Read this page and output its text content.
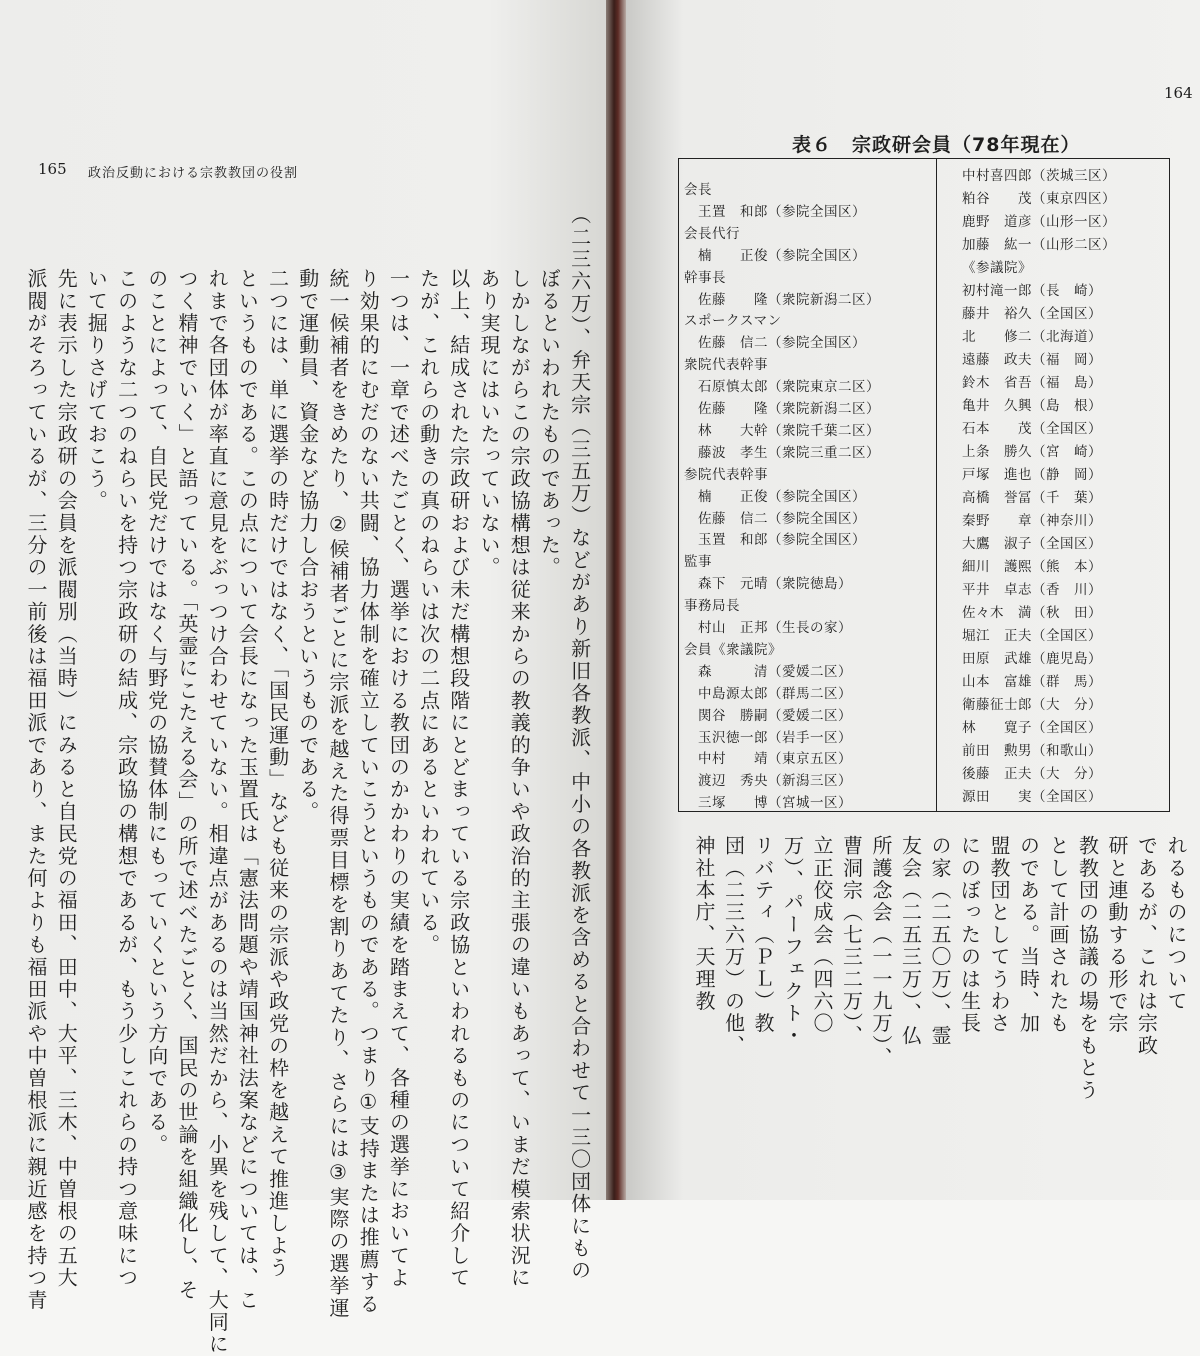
165 政治反動における宗教教団の役割
派閥がそろっているが、三分の一前後は福田派であり、また何よりも福田派や中曽根派に親近感を持つ青 先に表示した宗政研の会員を派閥別（当時）にみると自民党の福田、田中、大平、三木、中曽根の五大 いて掘りさげておこう。 このような二つのねらいを持つ宗政研の結成、宗政協の構想であるが、もう少しこれらの持つ意味につ のことによって、自民党だけではなく与野党の協賛体制にもっていくという方向である。 つく精神でいく」と語っている。「英霊にこたえる会」の所で述べたごとく、国民の世論を組織化し、そ れまで各団体が率直に意見をぶっつけ合わせていない。相違点があるのは当然だから、小異を残して、大同に というものである。この点について会長になった玉置氏は「憲法問題や靖国神社法案などについては、こ 二つには、単に選挙の時だけではなく、「国民運動」なども従来の宗派や政党の枠を越えて推進しよう 動で運動員、資金など協力し合おうというものである。 統一候補者をきめたり、②候補者ごとに宗派を越えた得票目標を割りあてたり、さらには③実際の選挙運 り効果的にむだのない共闘、協力体制を確立していこうというものである。つまり①支持または推薦する 一つは、一章で述べたごとく、選挙における教団のかかわりの実績を踏まえて、各種の選挙においてよ たが、これらの動きの真のねらいは次の二点にあるといわれている。 以上、結成された宗政研および未だ構想段階にとどまっている宗政協といわれるものについて紹介して あり実現にはいたっていない。 しかしながらこの宗政協構想は従来からの教義的争いや政治的主張の違いもあって、いまだ模索状況に ぼるといわれたものであった。 （二三六万）、弁天宗（三五万）などがあり新旧各教派、中小の各教派を含めると合わせて一三〇団体にもの
164
表６　宗政研会員（78年現在）
会長
　王置　和郎（参院全国区）
会長代行
　楠　　正俊（参院全国区）
幹事長
　佐藤　　隆（衆院新潟二区）
スポークスマン
　佐藤　信二（参院全国区）
衆院代表幹事
　石原慎太郎（衆院東京二区）
　佐藤　　隆（衆院新潟二区）
　林　　大幹（衆院千葉二区）
　藤波　孝生（衆院三重二区）
参院代表幹事
　楠　　正俊（参院全国区）
　佐藤　信二（参院全国区）
　玉置　和郎（参院全国区）
監事
　森下　元晴（衆院徳島）
事務局長
　村山　正邦（生長の家）
会員《衆議院》
　森　　　清（愛媛二区）
　中島源太郎（群馬二区）
　関谷　勝嗣（愛媛二区）
　玉沢徳一郎（岩手一区）
　中村　　靖（東京五区）
　渡辺　秀央（新潟三区）
　三塚　　博（宮城一区）
中村喜四郎（茨城三区）
粕谷　　茂（東京四区）
鹿野　道彦（山形一区）
加藤　紘一（山形二区）
《参議院》
初村滝一郎（長　崎）
藤井　裕久（全国区）
北　　修二（北海道）
遠藤　政夫（福　岡）
鈴木　省吾（福　島）
亀井　久興（島　根）
石本　　茂（全国区）
上条　勝久（宮　崎）
戸塚　進也（静　岡）
高橋　誉冨（千　葉）
秦野　　章（神奈川）
大鷹　淑子（全国区）
細川　護熙（熊　本）
平井　卓志（香　川）
佐々木　満（秋　田）
堀江　正夫（全国区）
田原　武雄（鹿児島）
山本　富雄（群　馬）
衛藤征士郎（大　分）
林　　寛子（全国区）
前田　勲男（和歌山）
後藤　正夫（大　分）
源田　　実（全国区）
神社本庁、天理教 団（二三六万）の他、 リバティ（ＰＬ）教 万）、パーフェクト・ 立正佼成会（四六〇 曹洞宗（七三二万）、 所護念会（一一九万）、 友会（二五三万）、仏 の家（二五〇万）、霊 にのぼったのは生長 盟教団としてうわさ のである。当時、加 として計画されたも 教教団の協議の場をもとう 研と連動する形で宗 であるが、これは宗政 れるものについて
